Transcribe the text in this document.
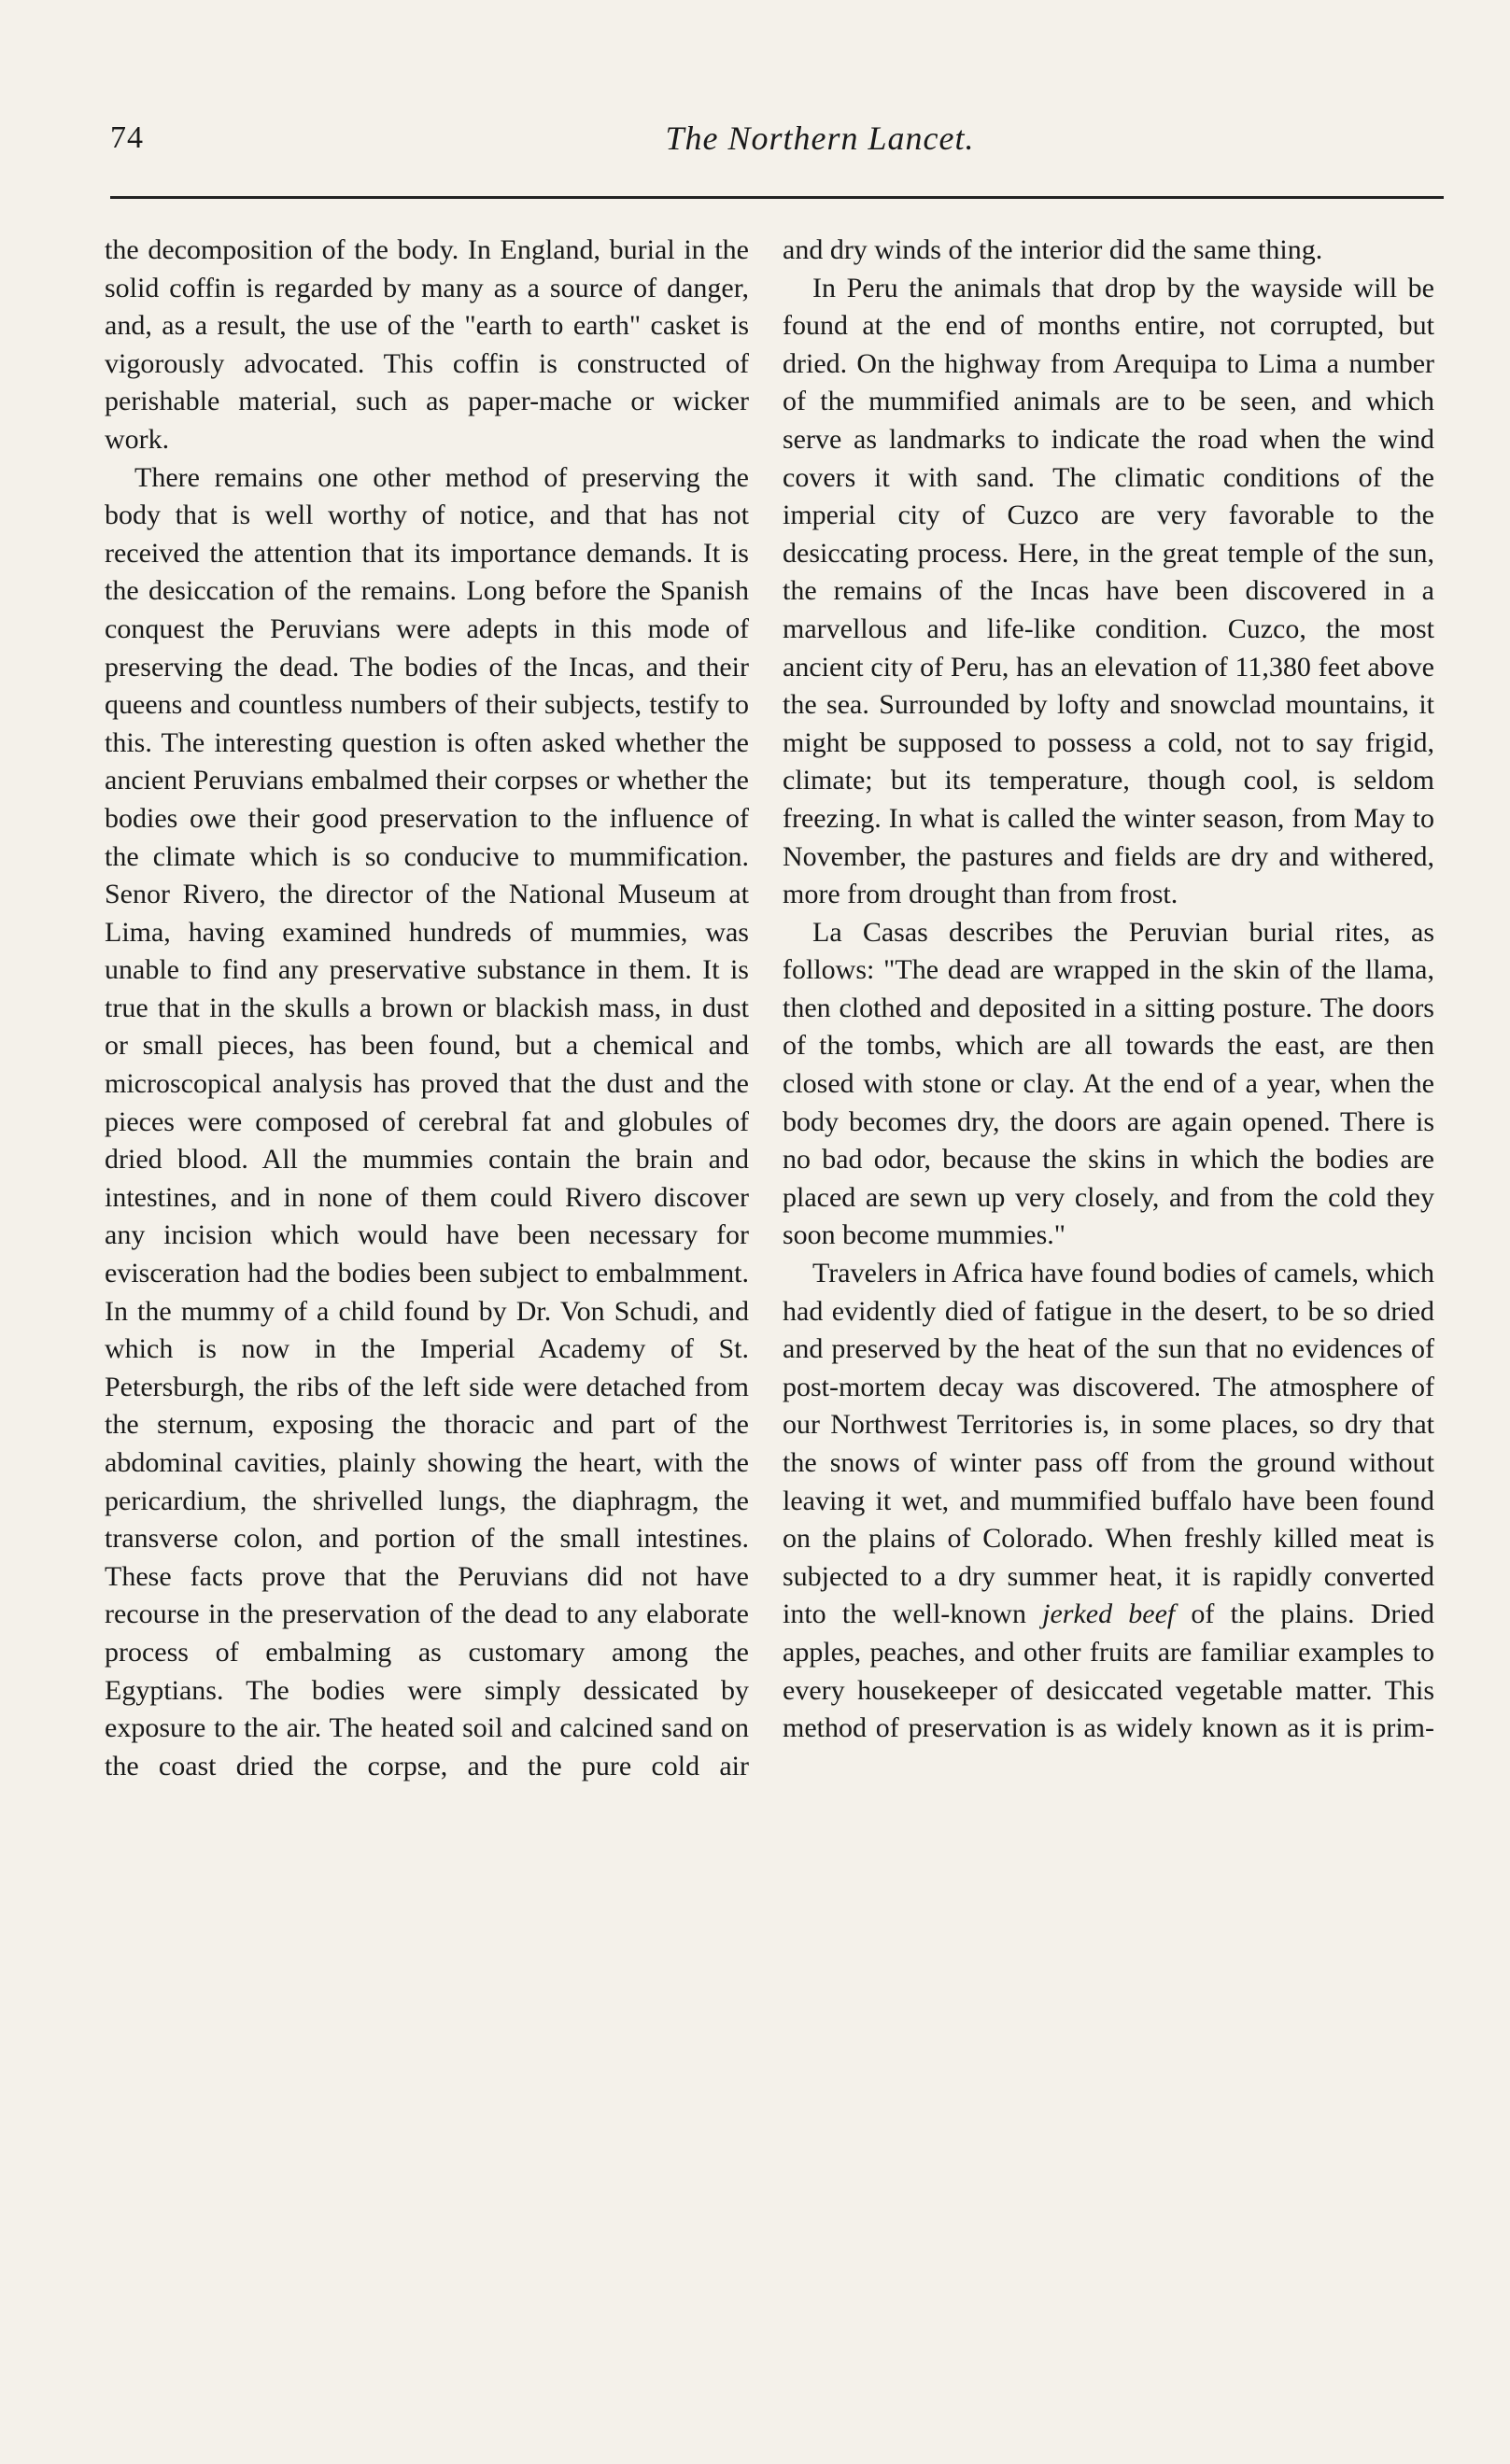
74	The Northern Lancet.

the decomposition of the body. In England, burial in the solid coffin is regarded by many as a source of danger, and, as a result, the use of the "earth to earth" casket is vigorously advocated. This coffin is constructed of perishable material, such as paper-mache or wicker work.

There remains one other method of preserving the body that is well worthy of notice, and that has not received the attention that its importance demands. It is the desiccation of the remains. Long before the Spanish conquest the Peruvians were adepts in this mode of preserving the dead. The bodies of the Incas, and their queens and countless numbers of their subjects, testify to this. The interesting question is often asked whether the ancient Peruvians embalmed their corpses or whether the bodies owe their good preservation to the influence of the climate which is so conducive to mummification. Senor Rivero, the director of the National Museum at Lima, having examined hundreds of mummies, was unable to find any preservative substance in them. It is true that in the skulls a brown or blackish mass, in dust or small pieces, has been found, but a chemical and microscopical analysis has proved that the dust and the pieces were composed of cerebral fat and globules of dried blood. All the mummies contain the brain and intestines, and in none of them could Rivero discover any incision which would have been necessary for evisceration had the bodies been subject to embalmment. In the mummy of a child found by Dr. Von Schudi, and which is now in the Imperial Academy of St. Petersburgh, the ribs of the left side were detached from the sternum, exposing the thoracic and part of the abdominal cavities, plainly showing the heart, with the pericardium, the shrivelled lungs, the diaphragm, the transverse colon, and portion of the small intestines. These facts prove that the Peruvians did not have recourse in the preservation of the dead to any elaborate process of embalming as customary among the Egyptians. The bodies were simply dessicated by exposure to the air. The heated soil and calcined sand on the coast dried the corpse, and the pure cold air

and dry winds of the interior did the same thing.

In Peru the animals that drop by the wayside will be found at the end of months entire, not corrupted, but dried. On the highway from Arequipa to Lima a number of the mummified animals are to be seen, and which serve as landmarks to indicate the road when the wind covers it with sand. The climatic conditions of the imperial city of Cuzco are very favorable to the desiccating process. Here, in the great temple of the sun, the remains of the Incas have been discovered in a marvellous and life-like condition. Cuzco, the most ancient city of Peru, has an elevation of 11,380 feet above the sea. Surrounded by lofty and snowclad mountains, it might be supposed to possess a cold, not to say frigid, climate; but its temperature, though cool, is seldom freezing. In what is called the winter season, from May to November, the pastures and fields are dry and withered, more from drought than from frost.

La Casas describes the Peruvian burial rites, as follows: "The dead are wrapped in the skin of the llama, then clothed and deposited in a sitting posture. The doors of the tombs, which are all towards the east, are then closed with stone or clay. At the end of a year, when the body becomes dry, the doors are again opened. There is no bad odor, because the skins in which the bodies are placed are sewn up very closely, and from the cold they soon become mummies."

Travelers in Africa have found bodies of camels, which had evidently died of fatigue in the desert, to be so dried and preserved by the heat of the sun that no evidences of post-mortem decay was discovered. The atmosphere of our Northwest Territories is, in some places, so dry that the snows of winter pass off from the ground without leaving it wet, and mummified buffalo have been found on the plains of Colorado. When freshly killed meat is subjected to a dry summer heat, it is rapidly converted into the well-known jerked beef of the plains. Dried apples, peaches, and other fruits are familiar examples to every housekeeper of desiccated vegetable matter. This method of preservation is as widely known as it is prim-
